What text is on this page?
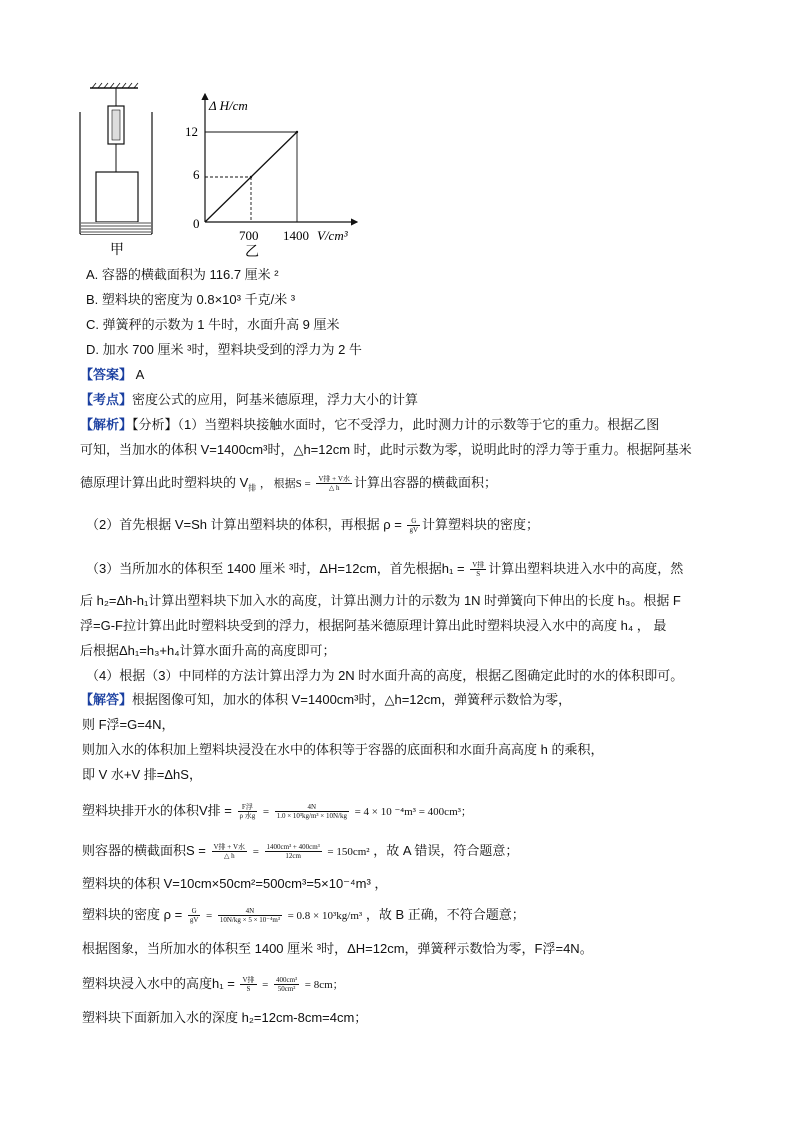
甲
Δ H/cm
V/cm³
0
6
12
700 1400
乙
A. 容器的横截面积为 116.7 厘米 ²
B. 塑料块的密度为 0.8×10³ 千克/米 ³
C. 弹簧秤的示数为 1 牛时，水面升高 9 厘米
D. 加水 700 厘米 ³时，塑料块受到的浮力为 2 牛
【答案】 A
【考点】密度公式的应用，阿基米德原理，浮力大小的计算
【解析】【分析】（1）当塑料块接触水面时，它不受浮力，此时测力计的示数等于它的重力。根据乙图
可知，当加水的体积 V=1400cm³时，△h=12cm 时，此时示数为零，说明此时的浮力等于重力。根据阿基米
德原理计算出此时塑料块的 $V_排$ ， 根据$S = \frac{\text{V排 + V水}}{\triangle h}$ 计算出容器的横截面积；
（2）首先根据 V=Sh 计算出塑料块的体积，再根据 $\rho = \frac{G}{gV}$ 计算塑料块的密度；
（3）当所加水的体积至 1400 厘米 ³时，ΔH=12cm，首先根据$h_1 = \frac{\text{V排}}{S}$ 计算出塑料块进入水中的高度，然
后 h₂=Δh-h₁计算出塑料块下加入水的高度，计算出测力计的示数为 1N 时弹簧向下伸出的长度 h₃。根据 F
浮=G-F拉计算出此时塑料块受到的浮力，根据阿基米德原理计算出此时塑料块浸入水中的高度 h₄ ， 最
后根据Δh₁=h₃+h₄计算水面升高的高度即可；
（4）根据（3）中同样的方法计算出浮力为 2N 时水面升高的高度，根据乙图确定此时的水的体积即可。
【解答】根据图像可知，加水的体积 V=1400cm³时，△h=12cm，弹簧秤示数恰为零，
则 F浮=G=4N，
则加入水的体积加上塑料块浸没在水中的体积等于容器的底面积和水面升高高度 h 的乘积，
即 V 水+V 排=ΔhS，
塑料块排开水的体积V排 = $\frac{\text{F浮}}{\text{ρ 水g}} = \frac{4N}{\text{1.0 × 10³kg/m³ × 10N/kg}} = 4 \times 10$ ⁻⁴m³ = 400cm³；
则容器的横截面积$S = \frac{\text{V排 + V水}}{\triangle h} = \frac{\text{1400cm³ + 400cm³}}{12cm} = 150cm^2$ ，故 A 错误，符合题意；
塑料块的体积 V=10cm×50cm²=500cm³=5×10⁻⁴m³ ，
塑料块的密度 $\rho = \frac{G}{gV} = \frac{4N}{\text{10N/kg × 5 × 10⁻⁴m³}} = 0.8 \times 10^3kg/m^3$ ，故 B 正确，不符合题意；
根据图象，当所加水的体积至 1400 厘米 ³时，ΔH=12cm，弹簧秤示数恰为零，F浮=4N。
塑料块浸入水中的高度$h_1 = \frac{\text{V排}}{S} = \frac{\text{400cm³}}{\text{50cm²}} = 8cm$；
塑料块下面新加入水的深度 h₂=12cm-8cm=4cm；
